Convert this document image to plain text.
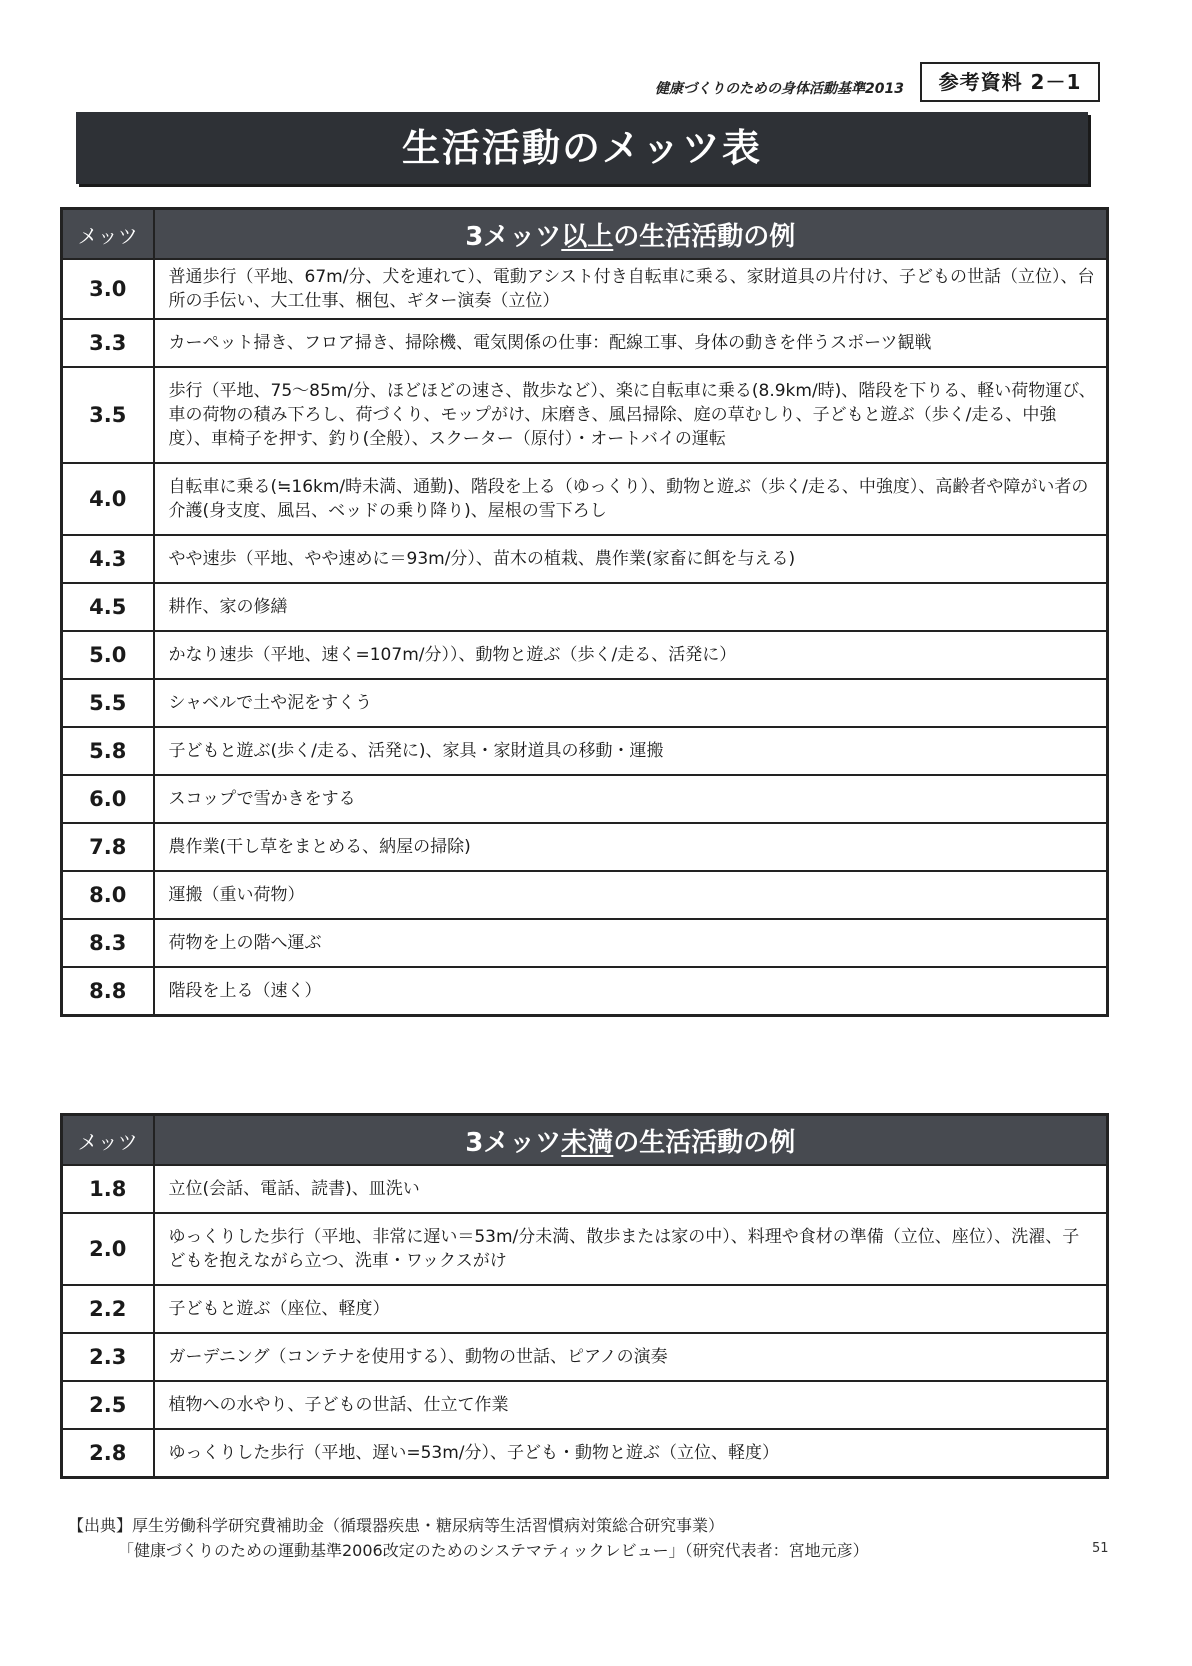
健康づくりのための身体活動基準2013	参考資料 2－1
生活活動のメッツ表
メッツ	3メッツ以上の生活活動の例
3.0	普通歩行（平地、67m/分、犬を連れて）、電動アシスト付き自転車に乗る、家財道具の片付け、子どもの世話（立位）、台所の手伝い、大工仕事、梱包、ギター演奏（立位）
3.3	カーペット掃き、フロア掃き、掃除機、電気関係の仕事：配線工事、身体の動きを伴うスポーツ観戦
3.5	歩行（平地、75～85m/分、ほどほどの速さ、散歩など）、楽に自転車に乗る(8.9km/時)、階段を下りる、軽い荷物運び、車の荷物の積み下ろし、荷づくり、モップがけ、床磨き、風呂掃除、庭の草むしり、子どもと遊ぶ（歩く/走る、中強度）、車椅子を押す、釣り(全般）、スクーター（原付）・オートバイの運転
4.0	自転車に乗る(≒16km/時未満、通勤)、階段を上る（ゆっくり）、動物と遊ぶ（歩く/走る、中強度）、高齢者や障がい者の介護(身支度、風呂、ベッドの乗り降り)、屋根の雪下ろし
4.3	やや速歩（平地、やや速めに＝93m/分）、苗木の植栽、農作業(家畜に餌を与える)
4.5	耕作、家の修繕
5.0	かなり速歩（平地、速く=107m/分））、動物と遊ぶ（歩く/走る、活発に）
5.5	シャベルで土や泥をすくう
5.8	子どもと遊ぶ(歩く/走る、活発に)、家具・家財道具の移動・運搬
6.0	スコップで雪かきをする
7.8	農作業(干し草をまとめる、納屋の掃除)
8.0	運搬（重い荷物）
8.3	荷物を上の階へ運ぶ
8.8	階段を上る（速く）
メッツ	3メッツ未満の生活活動の例
1.8	立位(会話、電話、読書)、皿洗い
2.0	ゆっくりした歩行（平地、非常に遅い＝53m/分未満、散歩または家の中）、料理や食材の準備（立位、座位）、洗濯、子どもを抱えながら立つ、洗車・ワックスがけ
2.2	子どもと遊ぶ（座位、軽度）
2.3	ガーデニング（コンテナを使用する）、動物の世話、ピアノの演奏
2.5	植物への水やり、子どもの世話、仕立て作業
2.8	ゆっくりした歩行（平地、遅い=53m/分）、子ども・動物と遊ぶ（立位、軽度）
【出典】厚生労働科学研究費補助金（循環器疾患・糖尿病等生活習慣病対策総合研究事業）
「健康づくりのための運動基準2006改定のためのシステマティックレビュー」（研究代表者：宮地元彦）	51
